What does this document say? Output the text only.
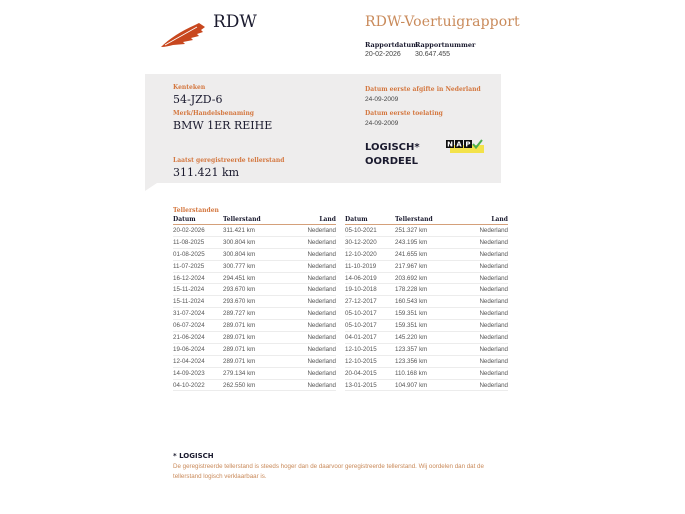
RDW	RDW-Voertuigrapport
Rapportdatum
20-02-2026
Rapportnummer
30.647.455
Kenteken
54-JZD-6
Merk/Handelsbenaming
BMW 1ER REIHE
Laatst geregistreerde tellerstand
311.421 km
Datum eerste afgifte in Nederland
24-09-2009
Datum eerste toelating
24-09-2009
LOGISCH*
OORDEEL
N A P
Tellerstanden
Datum	Tellerstand	Land
20-02-2026	311.421 km	Nederland
11-08-2025	300.804 km	Nederland
01-08-2025	300.804 km	Nederland
11-07-2025	300.777 km	Nederland
16-12-2024	294.451 km	Nederland
15-11-2024	293.670 km	Nederland
15-11-2024	293.670 km	Nederland
31-07-2024	289.727 km	Nederland
06-07-2024	289.071 km	Nederland
21-06-2024	289.071 km	Nederland
19-06-2024	289.071 km	Nederland
12-04-2024	289.071 km	Nederland
14-09-2023	279.134 km	Nederland
04-10-2022	262.550 km	Nederland
Datum	Tellerstand	Land
05-10-2021	251.327 km	Nederland
30-12-2020	243.195 km	Nederland
12-10-2020	241.655 km	Nederland
11-10-2019	217.967 km	Nederland
14-06-2019	203.692 km	Nederland
19-10-2018	178.228 km	Nederland
27-12-2017	160.543 km	Nederland
05-10-2017	159.351 km	Nederland
05-10-2017	159.351 km	Nederland
04-01-2017	145.220 km	Nederland
12-10-2015	123.357 km	Nederland
12-10-2015	123.356 km	Nederland
20-04-2015	110.168 km	Nederland
13-01-2015	104.907 km	Nederland
* LOGISCH
De geregistreerde tellerstand is steeds hoger dan de daarvoor geregistreerde tellerstand. Wij oordelen dan dat de tellerstand logisch verklaarbaar is.
